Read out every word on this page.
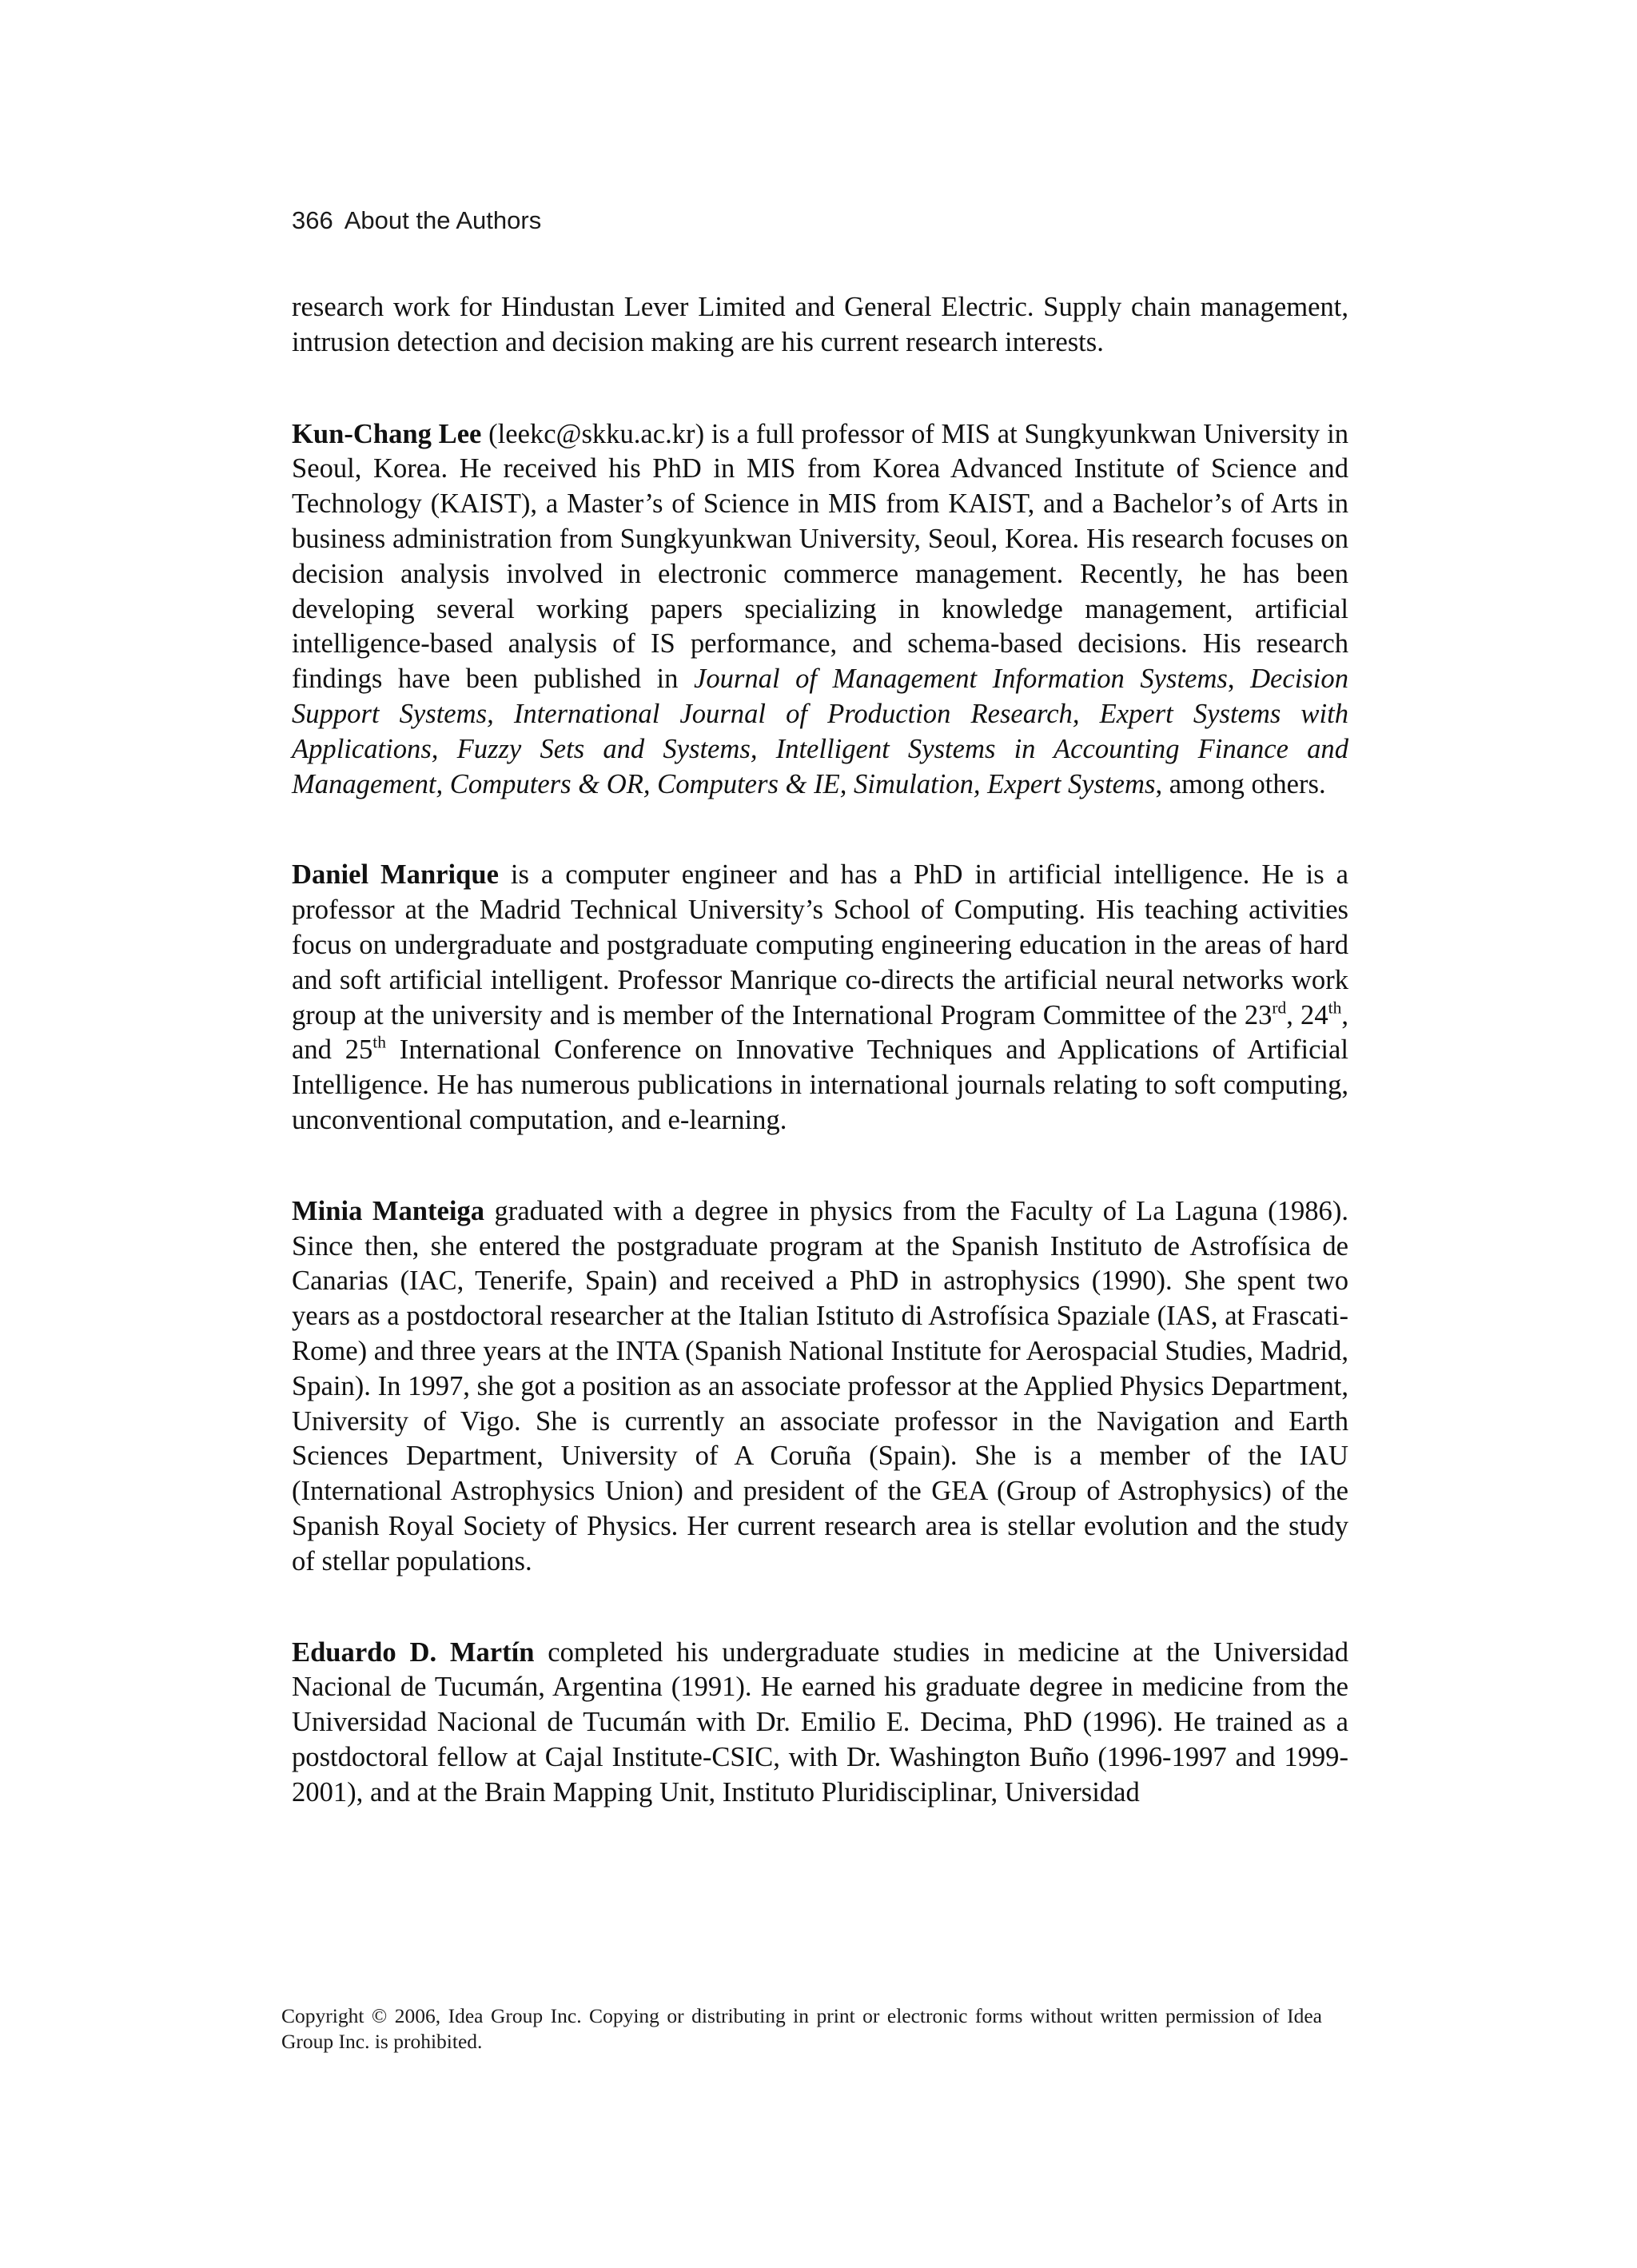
366 About the Authors

research work for Hindustan Lever Limited and General Electric. Supply chain management, intrusion detection and decision making are his current research interests.

Kun-Chang Lee (leekc@skku.ac.kr) is a full professor of MIS at Sungkyunkwan University in Seoul, Korea. He received his PhD in MIS from Korea Advanced Institute of Science and Technology (KAIST), a Master’s of Science in MIS from KAIST, and a Bachelor’s of Arts in business administration from Sungkyunkwan University, Seoul, Korea. His research focuses on decision analysis involved in electronic commerce management. Recently, he has been developing several working papers specializing in knowledge management, artificial intelligence-based analysis of IS performance, and schema-based decisions. His research findings have been published in Journal of Management Information Systems, Decision Support Systems, International Journal of Production Research, Expert Systems with Applications, Fuzzy Sets and Systems, Intelligent Systems in Accounting Finance and Management, Computers & OR, Computers & IE, Simulation, Expert Systems, among others.

Daniel Manrique is a computer engineer and has a PhD in artificial intelligence. He is a professor at the Madrid Technical University’s School of Computing. His teaching activities focus on undergraduate and postgraduate computing engineering education in the areas of hard and soft artificial intelligent. Professor Manrique co-directs the artificial neural networks work group at the university and is member of the International Program Committee of the 23rd, 24th, and 25th International Conference on Innovative Techniques and Applications of Artificial Intelligence. He has numerous publications in international journals relating to soft computing, unconventional computation, and e-learning.

Minia Manteiga graduated with a degree in physics from the Faculty of La Laguna (1986). Since then, she entered the postgraduate program at the Spanish Instituto de Astrofísica de Canarias (IAC, Tenerife, Spain) and received a PhD in astrophysics (1990). She spent two years as a postdoctoral researcher at the Italian Istituto di Astrofísica Spaziale (IAS, at Frascati-Rome) and three years at the INTA (Spanish National Institute for Aerospacial Studies, Madrid, Spain). In 1997, she got a position as an associate professor at the Applied Physics Department, University of Vigo. She is currently an associate professor in the Navigation and Earth Sciences Department, University of A Coruña (Spain). She is a member of the IAU (International Astrophysics Union) and president of the GEA (Group of Astrophysics) of the Spanish Royal Society of Physics. Her current research area is stellar evolution and the study of stellar populations.

Eduardo D. Martín completed his undergraduate studies in medicine at the Universidad Nacional de Tucumán, Argentina (1991). He earned his graduate degree in medicine from the Universidad Nacional de Tucumán with Dr. Emilio E. Decima, PhD (1996). He trained as a postdoctoral fellow at Cajal Institute-CSIC, with Dr. Washington Buño (1996-1997 and 1999-2001), and at the Brain Mapping Unit, Instituto Pluridisciplinar, Universidad

Copyright © 2006, Idea Group Inc. Copying or distributing in print or electronic forms without written permission of Idea Group Inc. is prohibited.
